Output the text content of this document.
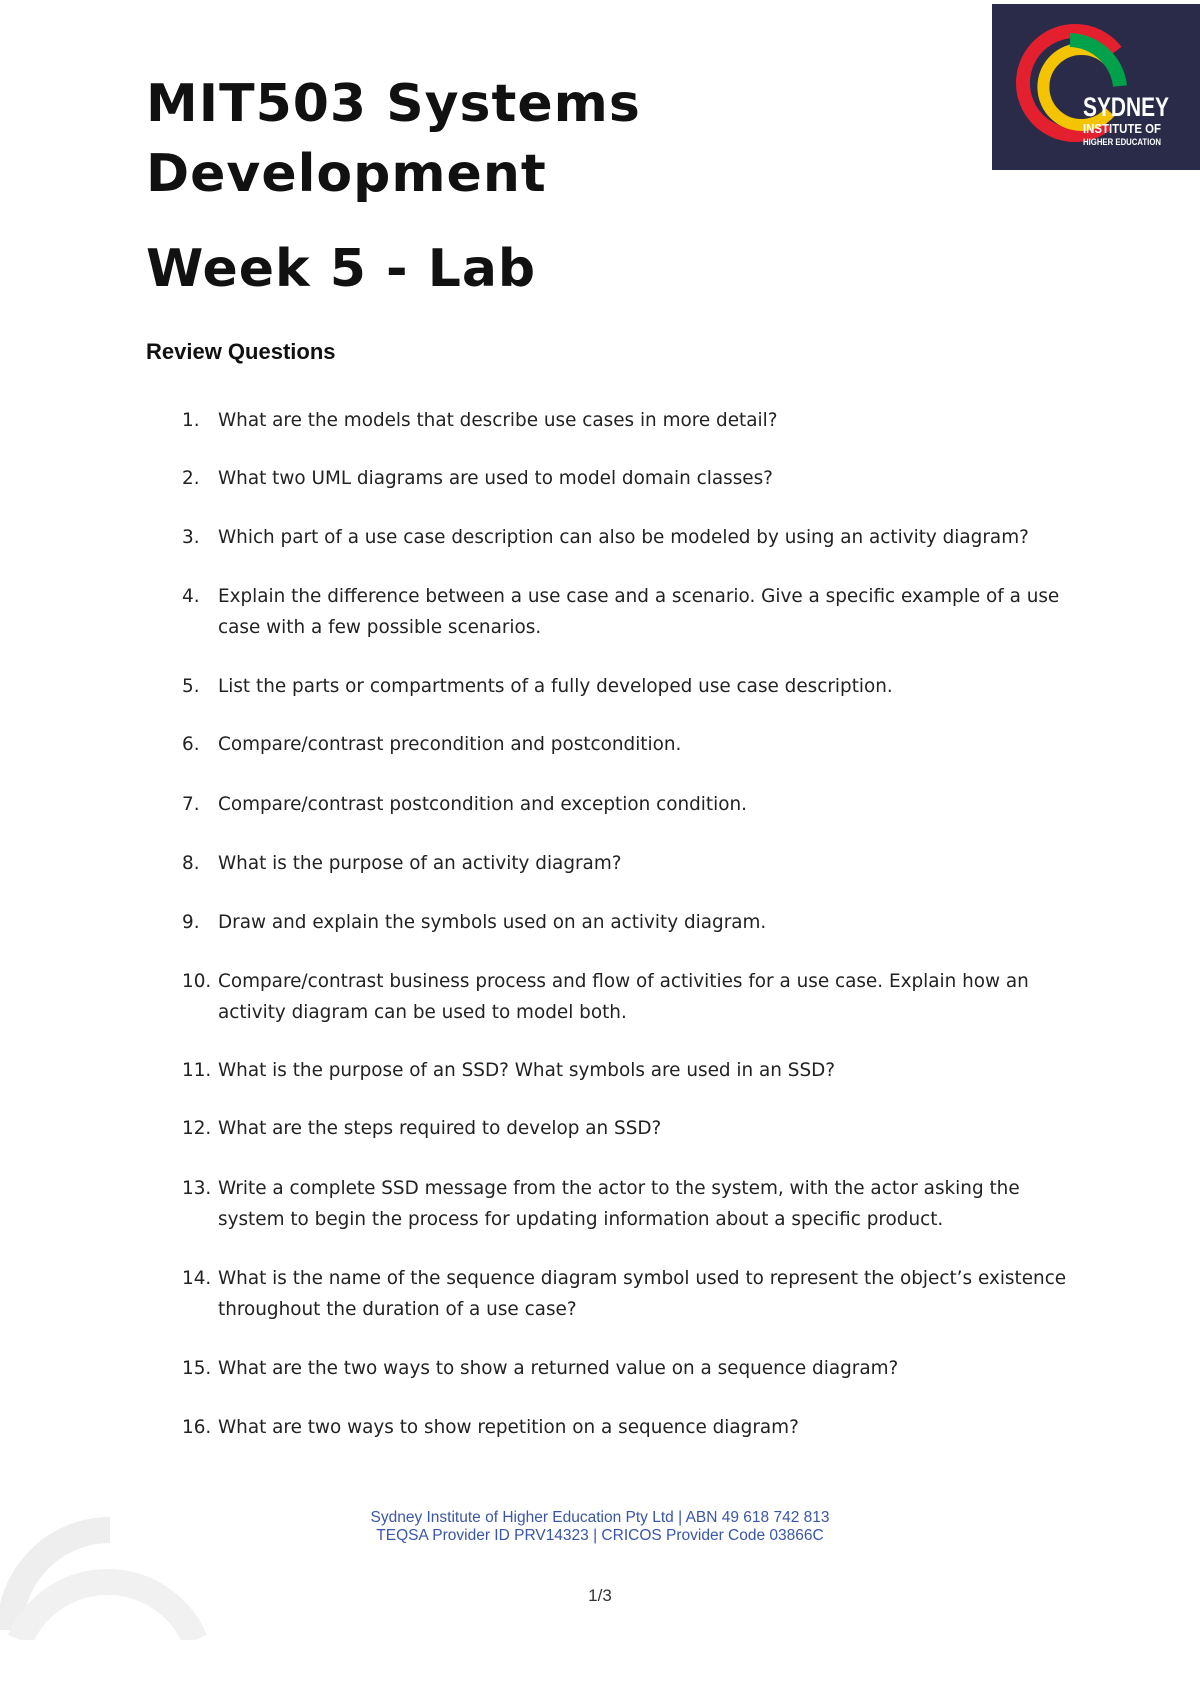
MIT503 Systems
Development
Week 5 - Lab
SYDNEY
INSTITUTE OF
HIGHER EDUCATION
Review Questions
1. What are the models that describe use cases in more detail?
2. What two UML diagrams are used to model domain classes?
3. Which part of a use case description can also be modeled by using an activity diagram?
4. Explain the difference between a use case and a scenario. Give a specific example of a use case with a few possible scenarios.
5. List the parts or compartments of a fully developed use case description.
6. Compare/contrast precondition and postcondition.
7. Compare/contrast postcondition and exception condition.
8. What is the purpose of an activity diagram?
9. Draw and explain the symbols used on an activity diagram.
10. Compare/contrast business process and flow of activities for a use case. Explain how an activity diagram can be used to model both.
11. What is the purpose of an SSD? What symbols are used in an SSD?
12. What are the steps required to develop an SSD?
13. Write a complete SSD message from the actor to the system, with the actor asking the system to begin the process for updating information about a specific product.
14. What is the name of the sequence diagram symbol used to represent the object’s existence throughout the duration of a use case?
15. What are the two ways to show a returned value on a sequence diagram?
16. What are two ways to show repetition on a sequence diagram?
Sydney Institute of Higher Education Pty Ltd | ABN 49 618 742 813
TEQSA Provider ID PRV14323 | CRICOS Provider Code 03866C
1/3
